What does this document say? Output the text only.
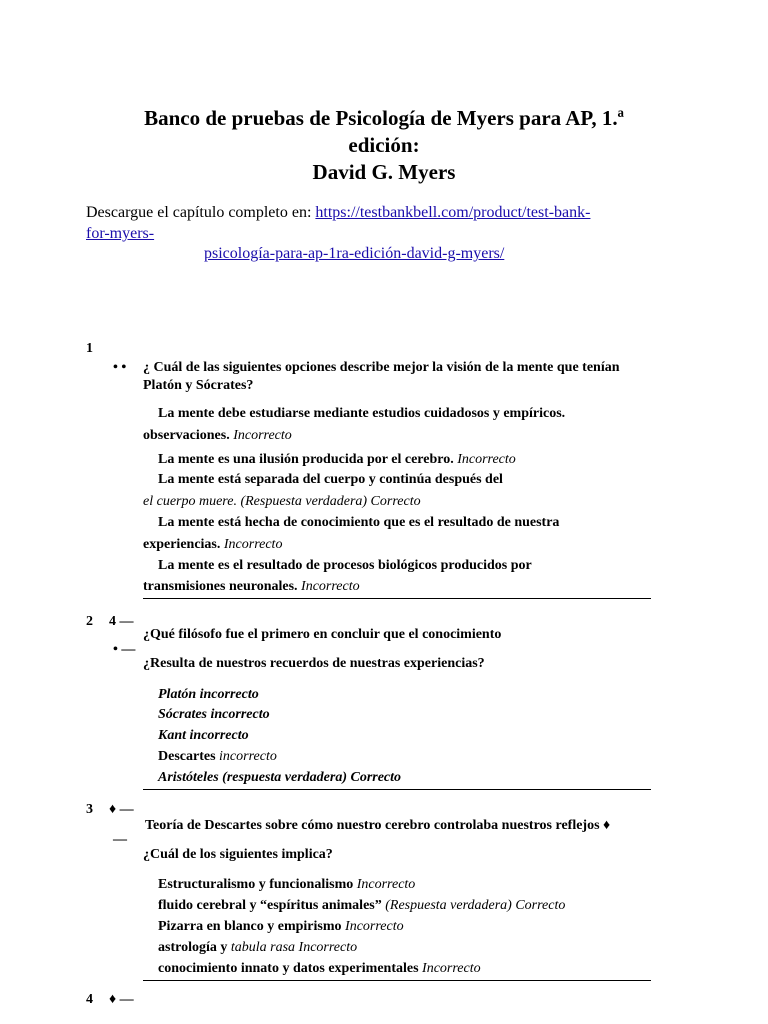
Banco de pruebas de Psicología de Myers para AP, 1.ª
edición:
David G. Myers
Descargue el capítulo completo en: https://testbankbell.com/product/test-bank-
for-myers-
psicología-para-ap-1ra-edición-david-g-myers/
1
• • ¿ Cuál de las siguientes opciones describe mejor la visión de la mente que tenían
Platón y Sócrates?
La mente debe estudiarse mediante estudios cuidadosos y empíricos.
observaciones. Incorrecto
La mente es una ilusión producida por el cerebro. Incorrecto
La mente está separada del cuerpo y continúa después del
el cuerpo muere. (Respuesta verdadera) Correcto
La mente está hecha de conocimiento que es el resultado de nuestra
experiencias. Incorrecto
La mente es el resultado de procesos biológicos producidos por
transmisiones neuronales. Incorrecto
2 4 —
• —
¿Qué filósofo fue el primero en concluir que el conocimiento
¿Resulta de nuestros recuerdos de nuestras experiencias?
Platón incorrecto
Sócrates incorrecto
Kant incorrecto
Descartes incorrecto
Aristóteles (respuesta verdadera) Correcto
3 ♦ —
—
Teoría de Descartes sobre cómo nuestro cerebro controlaba nuestros reflejos ♦
¿Cuál de los siguientes implica?
Estructuralismo y funcionalismo Incorrecto
fluido cerebral y “espíritus animales” (Respuesta verdadera) Correcto
Pizarra en blanco y empirismo Incorrecto
astrología y tabula rasa Incorrecto
conocimiento innato y datos experimentales Incorrecto
4 ♦ —
